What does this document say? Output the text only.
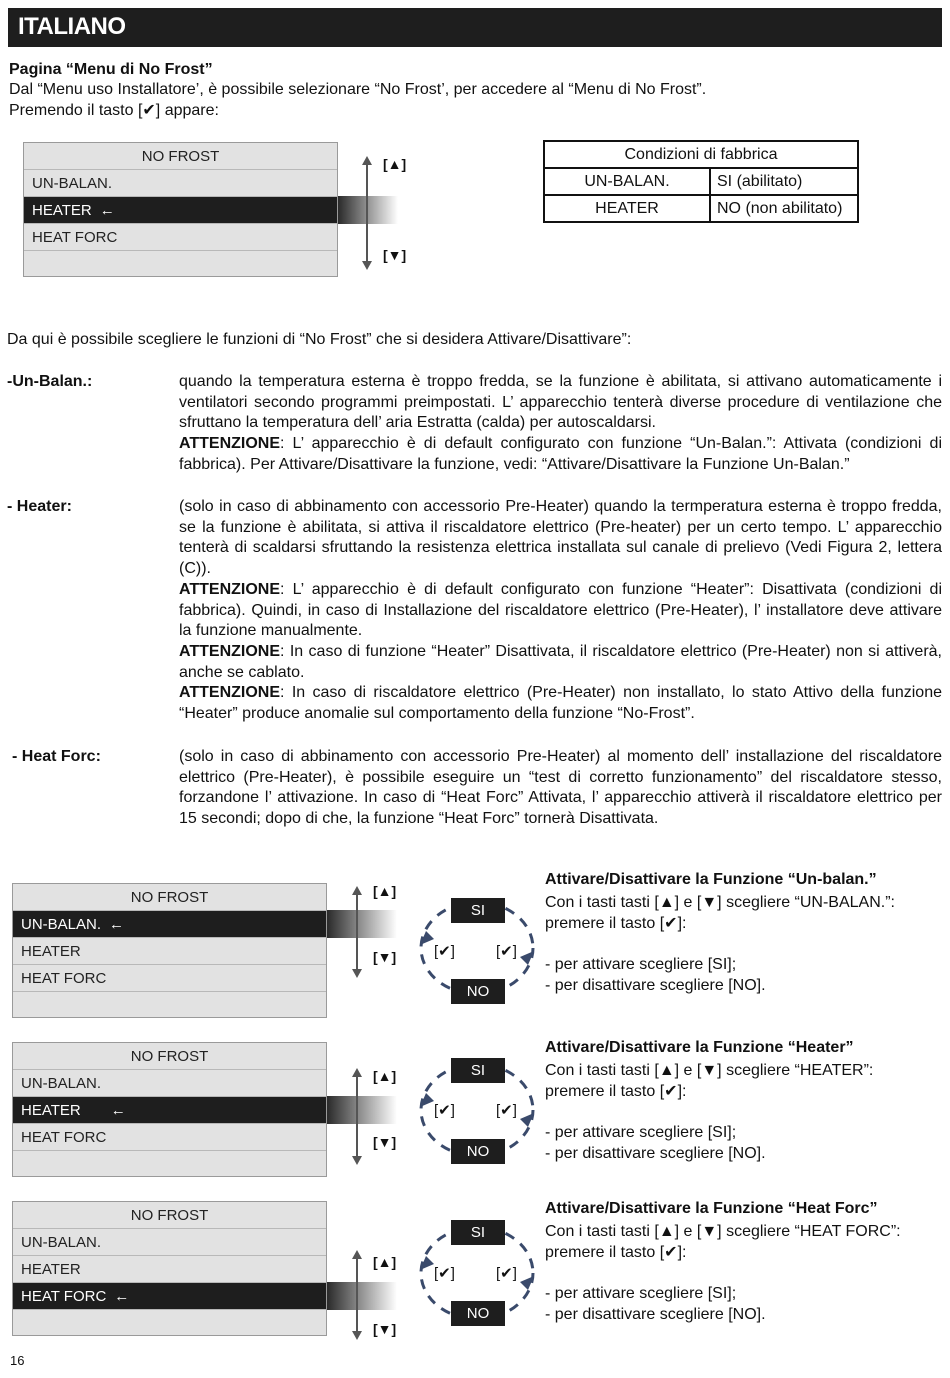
ITALIANO
Pagina “Menu di No Frost”
Dal “Menu uso Installatore’, è possibile selezionare “No Frost’, per accedere al “Menu di No Frost”.
Premendo il tasto [✔] appare:
NO FROST
UN-BALAN.
HEATER ←
HEAT FORC
[▲]
[▼]
Condizioni di fabbrica	
UN-BALAN.	SI (abilitato)
HEATER	NO (non abilitato)
Da qui è possibile scegliere le funzioni di “No Frost” che si desidera Attivare/Disattivare”:
-Un-Balan.:	quando la temperatura esterna è troppo fredda, se la funzione è abilitata, si attivano automaticamente i ventilatori secondo programmi preimpostati. L’ apparecchio tenterà diverse procedure di ventilazione che sfruttano la temperatura dell’ aria Estratta (calda) per autoscaldarsi.
ATTENZIONE: L’ apparecchio è di default configurato con funzione “Un-Balan.”: Attivata (condizioni di fabbrica). Per Attivare/Disattivare la funzione, vedi: “Attivare/Disattivare la Funzione Un-Balan.”
- Heater:	(solo in caso di abbinamento con accessorio Pre-Heater) quando la termperatura esterna è troppo fredda, se la funzione è abilitata, si attiva il riscaldatore elettrico (Pre-heater) per un certo tempo. L’ apparecchio tenterà di scaldarsi sfruttando la resistenza elettrica installata sul canale di prelievo (Vedi Figura 2, lettera (C)).
ATTENZIONE: L’ apparecchio è di default configurato con funzione “Heater”: Disattivata (condizioni di fabbrica). Quindi, in caso di Installazione del riscaldatore elettrico (Pre-Heater), l’ installatore deve attivare la funzione manualmente.
ATTENZIONE: In caso di funzione “Heater” Disattivata, il riscaldatore elettrico (Pre-Heater) non si attiverà, anche se cablato.
ATTENZIONE: In caso di riscaldatore elettrico (Pre-Heater) non installato, lo stato Attivo della funzione “Heater” produce anomalie sul comportamento della funzione “No-Frost”.
- Heat Forc:	(solo in caso di abbinamento con accessorio Pre-Heater) al momento dell’ installazione del riscaldatore elettrico (Pre-Heater), è possibile eseguire un “test di corretto funzionamento” del riscaldatore stesso, forzandone l’ attivazione. In caso di “Heat Forc” Attivata, l’ apparecchio attiverà il riscaldatore elettrico per 15 secondi; dopo di che, la funzione “Heat Forc” tornerà Disattivata.
NO FROST
UN-BALAN. ←
HEATER
HEAT FORC
[▲]
[▼]
SI
NO
[✔]	[✔]
Attivare/Disattivare la Funzione “Un-balan.”
Con i tasti tasti [▲] e [▼] scegliere “UN-BALAN.”:
premere il tasto [✔]:
- per attivare scegliere [SI];
- per disattivare scegliere [NO].
NO FROST
UN-BALAN.
HEATER ←
HEAT FORC
[▲]
[▼]
SI
NO
[✔]	[✔]
Attivare/Disattivare la Funzione “Heater”
Con i tasti tasti [▲] e [▼] scegliere “HEATER”:
premere il tasto [✔]:
- per attivare scegliere [SI];
- per disattivare scegliere [NO].
NO FROST
UN-BALAN.
HEATER
HEAT FORC ←
[▲]
[▼]
SI
NO
[✔]	[✔]
Attivare/Disattivare la Funzione “Heat Forc”
Con i tasti tasti [▲] e [▼] scegliere “HEAT FORC”:
premere il tasto [✔]:
- per attivare scegliere [SI];
- per disattivare scegliere [NO].
16
